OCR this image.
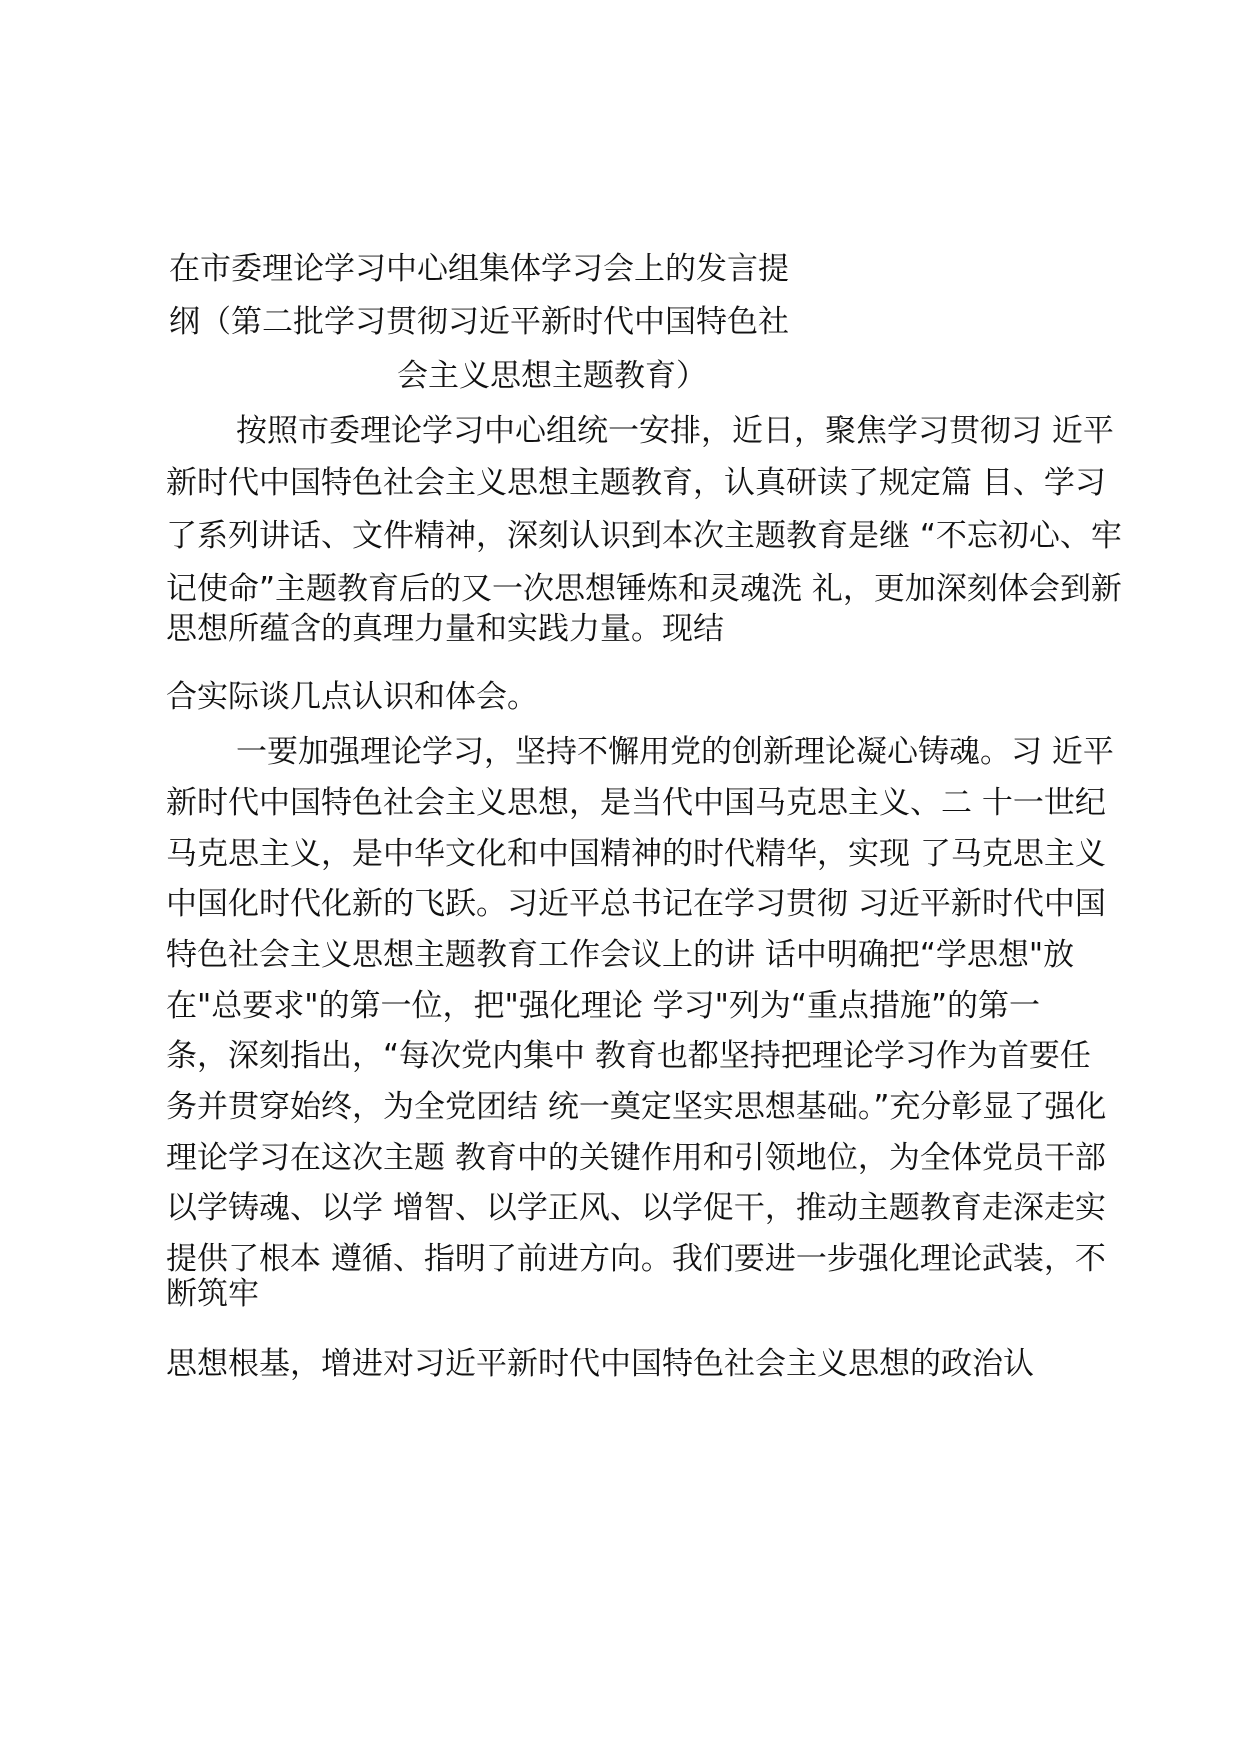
在市委理论学习中心组集体学习会上的发言提
纲（第二批学习贯彻习近平新时代中国特色社
会主义思想主题教育）
按照市委理论学习中心组统一安排，近日，聚焦学习贯彻习 近平
新时代中国特色社会主义思想主题教育，认真研读了规定篇 目、学习
了系列讲话、文件精神，深刻认识到本次主题教育是继 “不忘初心、牢
记使命”主题教育后的又一次思想锤炼和灵魂洗 礼，更加深刻体会到新
思想所蕴含的真理力量和实践力量。现结
合实际谈几点认识和体会。
一要加强理论学习，坚持不懈用党的创新理论凝心铸魂。习 近平
新时代中国特色社会主义思想，是当代中国马克思主义、二 十一世纪
马克思主义，是中华文化和中国精神的时代精华，实现 了马克思主义
中国化时代化新的飞跃。习近平总书记在学习贯彻 习近平新时代中国
特色社会主义思想主题教育工作会议上的讲 话中明确把“学思想"放
在"总要求"的第一位，把"强化理论 学习"列为“重点措施”的第一
条，深刻指出，“每次党内集中 教育也都坚持把理论学习作为首要任
务并贯穿始终，为全党团结 统一奠定坚实思想基础。”充分彰显了强化
理论学习在这次主题 教育中的关键作用和引领地位，为全体党员干部
以学铸魂、以学 增智、以学正风、以学促干，推动主题教育走深走实
提供了根本 遵循、指明了前进方向。我们要进一步强化理论武装，不
断筑牢
思想根基，增进对习近平新时代中国特色社会主义思想的政治认
